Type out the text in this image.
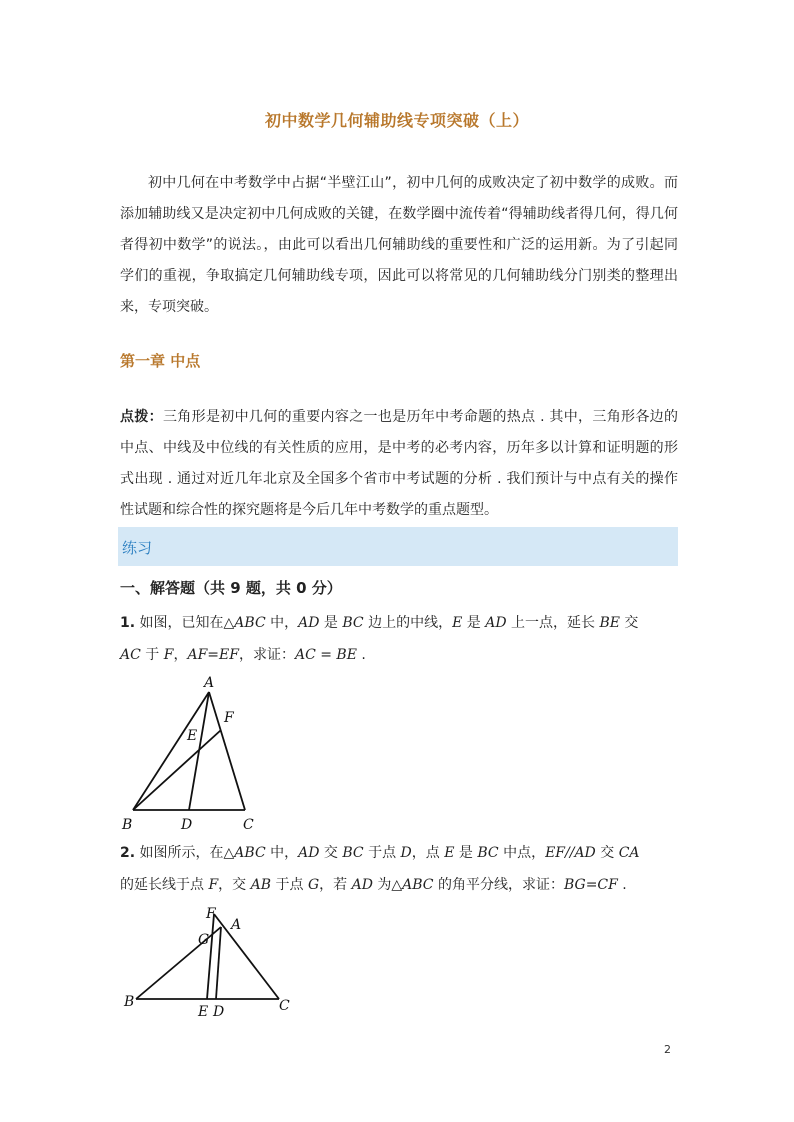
初中数学几何辅助线专项突破（上）

初中几何在中考数学中占据“半壁江山”，初中几何的成败决定了初中数学的成败。而添加辅助线又是决定初中几何成败的关键，在数学圈中流传着“得辅助线者得几何，得几何者得初中数学”的说法。，由此可以看出几何辅助线的重要性和广泛的运用新。为了引起同学们的重视，争取搞定几何辅助线专项，因此可以将常见的几何辅助线分门别类的整理出来，专项突破。

第一章 中点

点拨：三角形是初中几何的重要内容之一也是历年中考命题的热点 . 其中，三角形各边的中点、中线及中位线的有关性质的应用，是中考的必考内容，历年多以计算和证明题的形式出现 . 通过对近几年北京及全国多个省市中考试题的分析 . 我们预计与中点有关的操作性试题和综合性的探究题将是今后几年中考数学的重点题型。

练习
一、解答题（共 9 题，共 0 分）

1. 如图，已知在△ABC 中，AD 是 BC 边上的中线，E 是 AD 上一点，延长 BE 交
AC 于 F，AF=EF，求证：AC = BE .

A
F
E
B	D	C

2. 如图所示，在△ABC 中，AD 交 BC 于点 D，点 E 是 BC 中点，EF//AD 交 CA
的延长线于点 F，交 AB 于点 G，若 AD 为△ABC 的角平分线，求证：BG=CF .

F
A
G
B
E D	C
2
